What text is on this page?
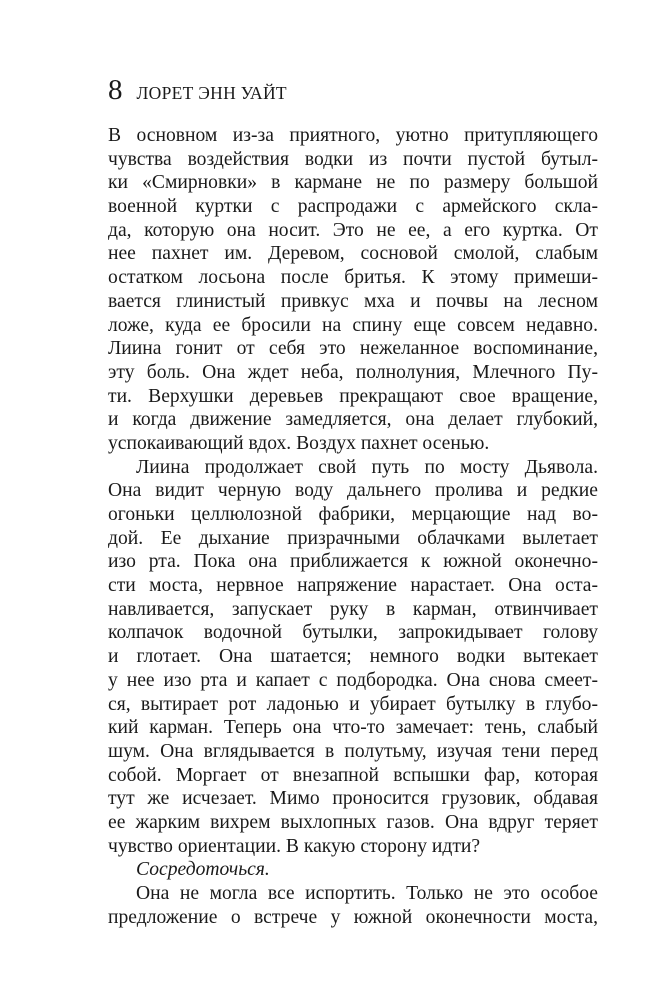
8 ЛОРЕТ ЭНН УАЙТ
В основном из-за приятного, уютно притупляющего
чувства воздействия водки из почти пустой бутыл-
ки «Смирновки» в кармане не по размеру большой
военной куртки с распродажи с армейского скла-
да, которую она носит. Это не ее, а его куртка. От
нее пахнет им. Деревом, сосновой смолой, слабым
остатком лосьона после бритья. К этому примеши-
вается глинистый привкус мха и почвы на лесном
ложе, куда ее бросили на спину еще совсем недавно.
Лиина гонит от себя это нежеланное воспоминание,
эту боль. Она ждет неба, полнолуния, Млечного Пу-
ти. Верхушки деревьев прекращают свое вращение,
и когда движение замедляется, она делает глубокий,
успокаивающий вдох. Воздух пахнет осенью.
Лиина продолжает свой путь по мосту Дьявола.
Она видит черную воду дальнего пролива и редкие
огоньки целлюлозной фабрики, мерцающие над во-
дой. Ее дыхание призрачными облачками вылетает
изо рта. Пока она приближается к южной оконечно-
сти моста, нервное напряжение нарастает. Она оста-
навливается, запускает руку в карман, отвинчивает
колпачок водочной бутылки, запрокидывает голову
и глотает. Она шатается; немного водки вытекает
у нее изо рта и капает с подбородка. Она снова смеет-
ся, вытирает рот ладонью и убирает бутылку в глубо-
кий карман. Теперь она что-то замечает: тень, слабый
шум. Она вглядывается в полутьму, изучая тени перед
собой. Моргает от внезапной вспышки фар, которая
тут же исчезает. Мимо проносится грузовик, обдавая
ее жарким вихрем выхлопных газов. Она вдруг теряет
чувство ориентации. В какую сторону идти?
Сосредоточься.
Она не могла все испортить. Только не это особое
предложение о встрече у южной оконечности моста,
